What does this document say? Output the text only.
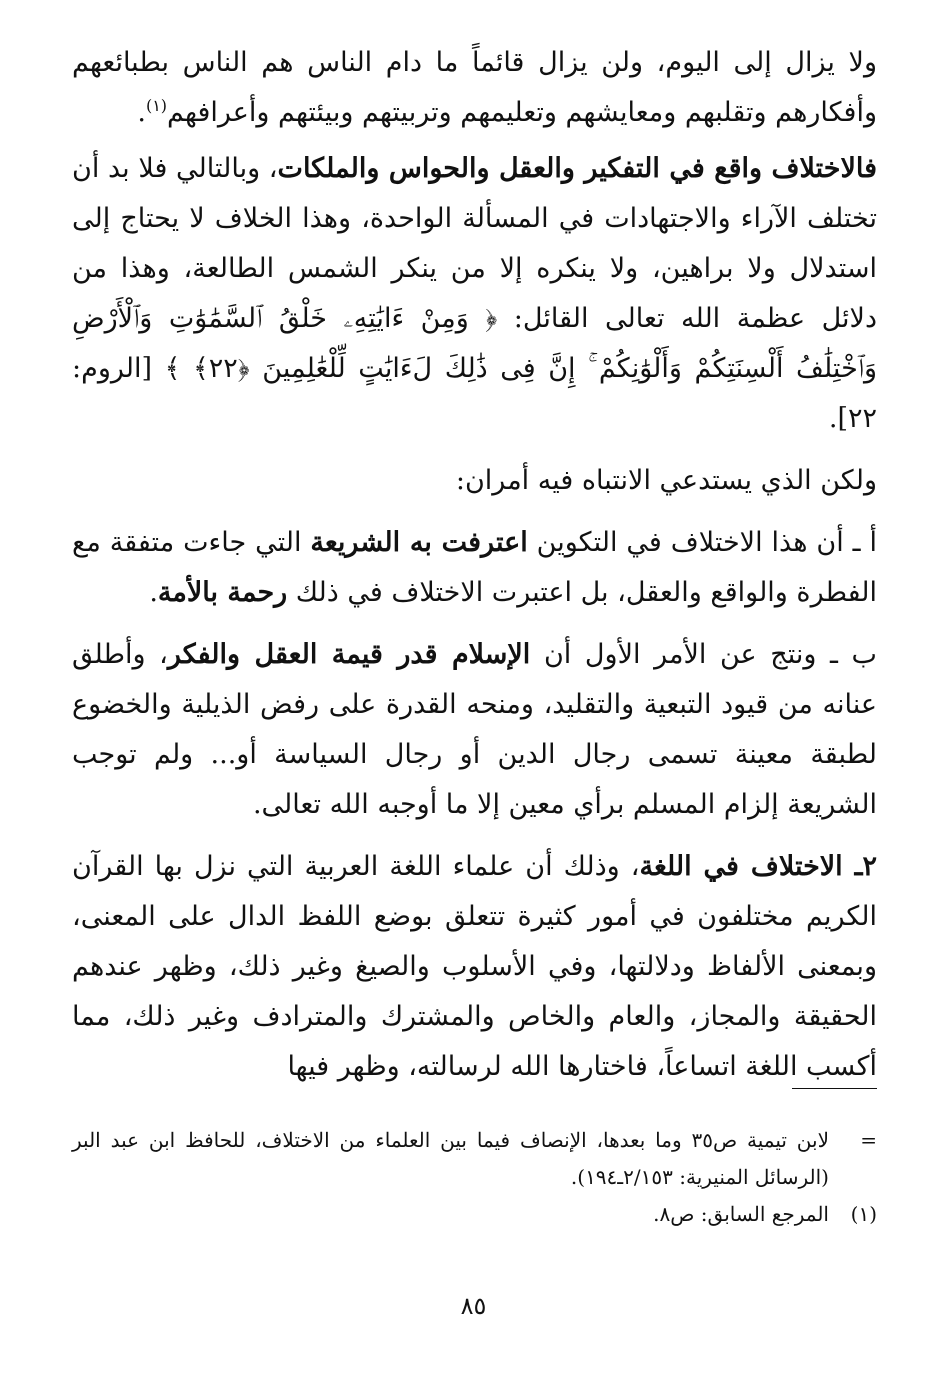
ولا يزال إلى اليوم، ولن يزال قائماً ما دام الناس هم الناس بطبائعهم وأفكارهم وتقلبهم ومعايشهم وتعليمهم وتربيتهم وبيئتهم وأعرافهم$^{(١)}$.

فالاختلاف واقع في التفكير والعقل والحواس والملكات، وبالتالي فلا بد أن تختلف الآراء والاجتهادات في المسألة الواحدة، وهذا الخلاف لا يحتاج إلى استدلال ولا براهين، ولا ينكره إلا من ينكر الشمس الطالعة، وهذا من دلائل عظمة الله تعالى القائل: ﴿ وَمِنْ ءَايَٰتِهِۦ خَلْقُ ٱلسَّمَٰوَٰتِ وَٱلْأَرْضِ وَٱخْتِلَٰفُ أَلْسِنَتِكُمْ وَأَلْوَٰنِكُمْ ۚ إِنَّ فِى ذَٰلِكَ لَءَايَٰتٍ لِّلْعَٰلِمِينَ ﴿٢٢﴾ ﴾ [الروم: ٢٢].

ولكن الذي يستدعي الانتباه فيه أمران:

أ ـ أن هذا الاختلاف في التكوين اعترفت به الشريعة التي جاءت متفقة مع الفطرة والواقع والعقل، بل اعتبرت الاختلاف في ذلك رحمة بالأمة.

ب ـ ونتج عن الأمر الأول أن الإسلام قدر قيمة العقل والفكر، وأطلق عنانه من قيود التبعية والتقليد، ومنحه القدرة على رفض الذيلية والخضوع لطبقة معينة تسمى رجال الدين أو رجال السياسة أو... ولم توجب الشريعة إلزام المسلم برأي معين إلا ما أوجبه الله تعالى.

٢ـ الاختلاف في اللغة، وذلك أن علماء اللغة العربية التي نزل بها القرآن الكريم مختلفون في أمور كثيرة تتعلق بوضع اللفظ الدال على المعنى، وبمعنى الألفاظ ودلالتها، وفي الأسلوب والصيغ وغير ذلك، وظهر عندهم الحقيقة والمجاز، والعام والخاص والمشترك والمترادف وغير ذلك، مما أكسب اللغة اتساعاً، فاختارها الله لرسالته، وظهر فيها

=
لابن تيمية ص٣٥ وما بعدها، الإنصاف فيما بين العلماء من الاختلاف، للحافظ ابن عبد البر (الرسائل المنيرية: ٢/١٥٣ـ١٩٤).
(١)
المرجع السابق: ص٨.
٨٥
